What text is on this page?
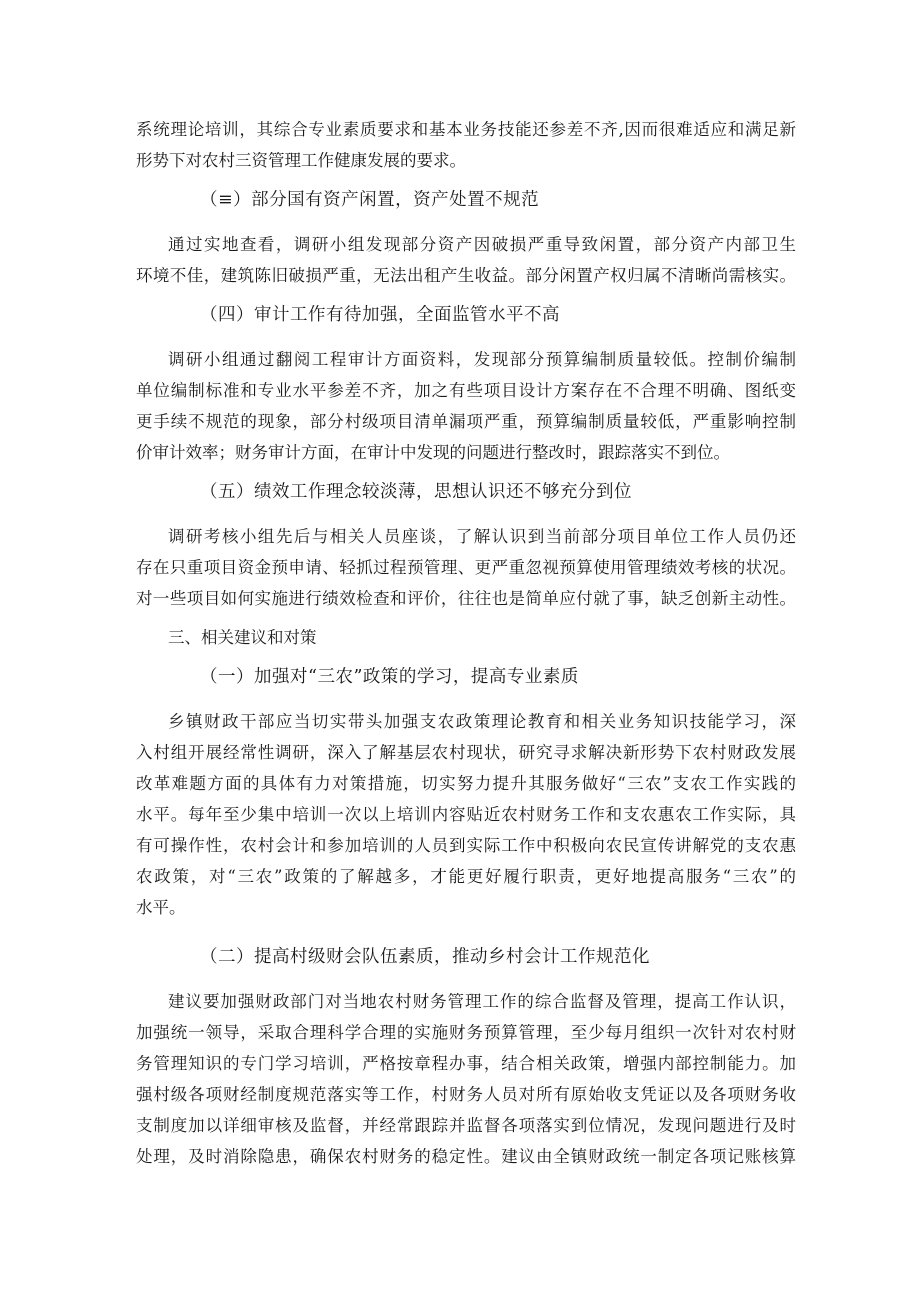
系统理论培训，其综合专业素质要求和基本业务技能还参差不齐,因而很难适应和满足新
形势下对农村三资管理工作健康发展的要求。
（≡）部分国有资产闲置，资产处置不规范
通过实地查看，调研小组发现部分资产因破损严重导致闲置，部分资产内部卫生
环境不佳，建筑陈旧破损严重，无法出租产生收益。部分闲置产权归属不清晰尚需核实。
（四）审计工作有待加强，全面监管水平不高
调研小组通过翻阅工程审计方面资料，发现部分预算编制质量较低。控制价编制
单位编制标准和专业水平参差不齐，加之有些项目设计方案存在不合理不明确、图纸变
更手续不规范的现象，部分村级项目清单漏项严重，预算编制质量较低，严重影响控制
价审计效率；财务审计方面，在审计中发现的问题进行整改时，跟踪落实不到位。
（五）绩效工作理念较淡薄，思想认识还不够充分到位
调研考核小组先后与相关人员座谈，了解认识到当前部分项目单位工作人员仍还
存在只重项目资金预申请、轻抓过程预管理、更严重忽视预算使用管理绩效考核的状况。
对一些项目如何实施进行绩效检查和评价，往往也是简单应付就了事，缺乏创新主动性。
三、相关建议和对策
（一）加强对“三农”政策的学习，提高专业素质
乡镇财政干部应当切实带头加强支农政策理论教育和相关业务知识技能学习，深
入村组开展经常性调研，深入了解基层农村现状，研究寻求解决新形势下农村财政发展
改革难题方面的具体有力对策措施，切实努力提升其服务做好“三农”支农工作实践的
水平。每年至少集中培训一次以上培训内容贴近农村财务工作和支农惠农工作实际，具
有可操作性，农村会计和参加培训的人员到实际工作中积极向农民宣传讲解党的支农惠
农政策，对“三农”政策的了解越多，才能更好履行职责，更好地提高服务“三农”的
水平。
（二）提高村级财会队伍素质，推动乡村会计工作规范化
建议要加强财政部门对当地农村财务管理工作的综合监督及管理，提高工作认识，
加强统一领导，采取合理科学合理的实施财务预算管理，至少每月组织一次针对农村财
务管理知识的专门学习培训，严格按章程办事，结合相关政策，增强内部控制能力。加
强村级各项财经制度规范落实等工作，村财务人员对所有原始收支凭证以及各项财务收
支制度加以详细审核及监督，并经常跟踪并监督各项落实到位情况，发现问题进行及时
处理，及时消除隐患，确保农村财务的稳定性。建议由全镇财政统一制定各项记账核算
